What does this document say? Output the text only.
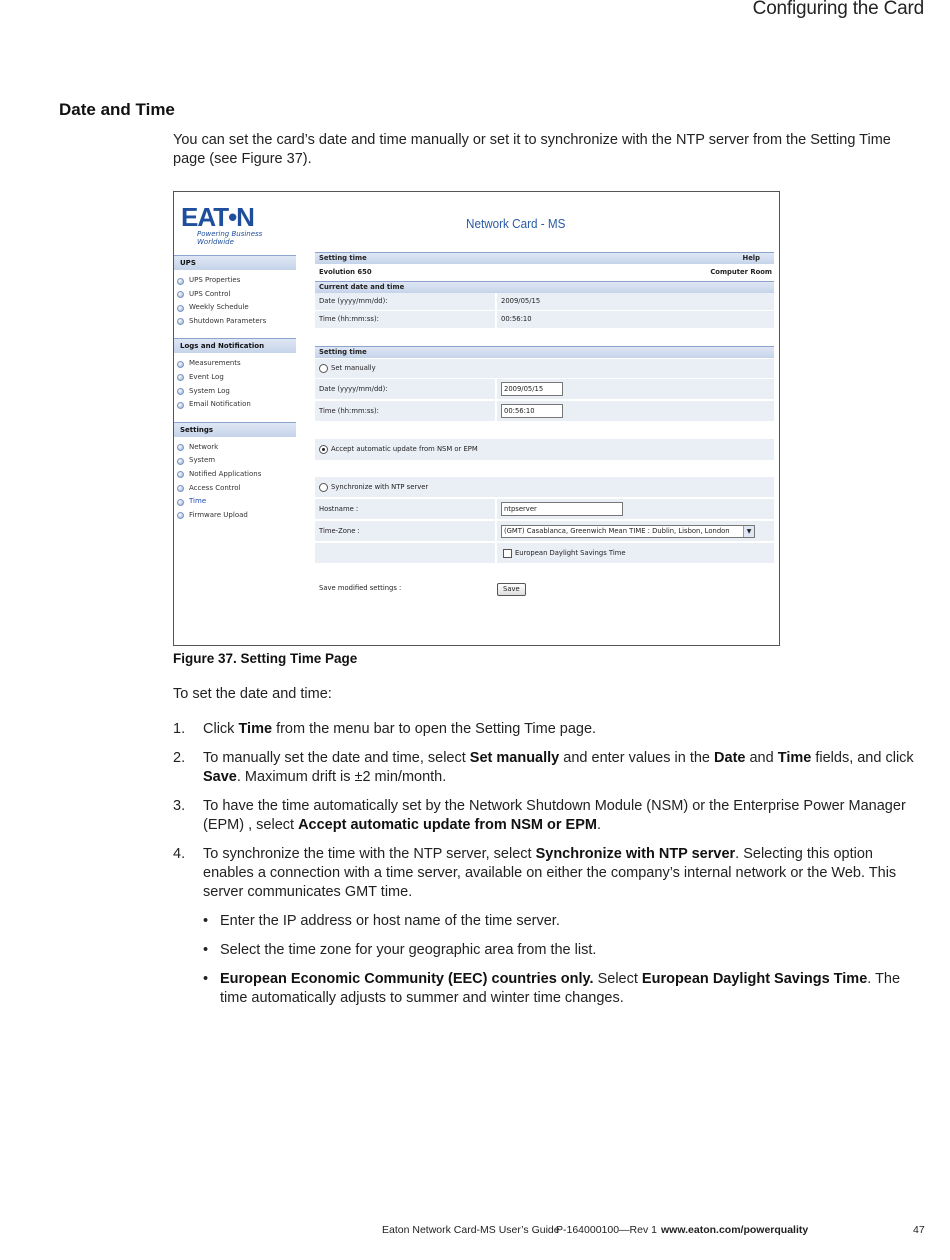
Configuring the Card
Date and Time
You can set the card’s date and time manually or set it to synchronize with the NTP server from the Setting Time page (see Figure 37).
EAT•N
Powering Business Worldwide
Network Card - MS
UPS
UPS Properties
UPS Control
Weekly Schedule
Shutdown Parameters
Logs and Notification
Measurements
Event Log
System Log
Email Notification
Settings
Network
System
Notified Applications
Access Control
Time
Firmware Upload
Setting time	Help
Evolution 650	Computer Room
Current date and time
Date (yyyy/mm/dd):	2009/05/15
Time (hh:mm:ss):	00:56:10
Setting time
Set manually
Date (yyyy/mm/dd):	2009/05/15
Time (hh:mm:ss):	00:56:10
Accept automatic update from NSM or EPM
Synchronize with NTP server
Hostname :	ntpserver
Time-Zone :	(GMT) Casablanca, Greenwich Mean TIME : Dublin, Lisbon, London	▼
European Daylight Savings Time
Save modified settings :	Save
Figure 37. Setting Time Page
To set the date and time:
1. Click Time from the menu bar to open the Setting Time page.
2. To manually set the date and time, select Set manually and enter values in the Date and Time fields, and click Save. Maximum drift is ±2 min/month.
3. To have the time automatically set by the Network Shutdown Module (NSM) or the Enterprise Power Manager (EPM) , select Accept automatic update from NSM or EPM.
4. To synchronize the time with the NTP server, select Synchronize with NTP server. Selecting this option enables a connection with a time server, available on either the company’s internal network or the Web. This server communicates GMT time.
• Enter the IP address or host name of the time server.
• Select the time zone for your geographic area from the list.
• European Economic Community (EEC) countries only. Select European Daylight Savings Time. The time automatically adjusts to summer and winter time changes.
Eaton Network Card-MS User’s Guide
P-164000100—Rev 1 www.eaton.com/powerquality	47
